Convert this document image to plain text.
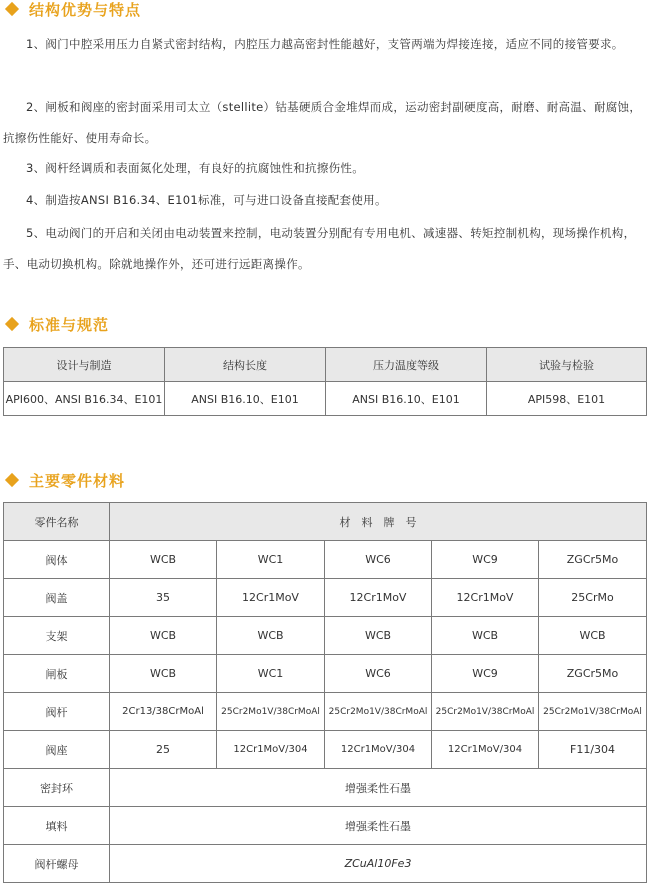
结构优势与特点

1、阀门中腔采用压力自紧式密封结构，内腔压力越高密封性能越好，支管两端为焊接连接，适应不同的接管要求。

2、闸板和阀座的密封面采用司太立（stellite）钴基硬质合金堆焊而成，运动密封副硬度高，耐磨、耐高温、耐腐蚀，抗擦伤性能好、使用寿命长。

3、阀杆经调质和表面氮化处理，有良好的抗腐蚀性和抗擦伤性。

4、制造按ANSI B16.34、E101标准，可与进口设备直接配套使用。

5、电动阀门的开启和关闭由电动装置来控制，电动装置分别配有专用电机、减速器、转矩控制机构，现场操作机构，手、电动切换机构。除就地操作外，还可进行远距离操作。

标准与规范
设计与制造	结构长度	压力温度等级	试验与检验
API600、ANSI B16.34、E101	ANSI B16.10、E101	ANSI B16.10、E101	API598、E101
主要零件材料
零件名称	材　料　牌　号				
阀体	WCB	WC1	WC6	WC9	ZGCr5Mo
阀盖	35	12Cr1MoV	12Cr1MoV	12Cr1MoV	25CrMo
支架	WCB	WCB	WCB	WCB	WCB
闸板	WCB	WC1	WC6	WC9	ZGCr5Mo
阀杆	2Cr13/38CrMoAl	25Cr2Mo1V/38CrMoAl	25Cr2Mo1V/38CrMoAl	25Cr2Mo1V/38CrMoAl	25Cr2Mo1V/38CrMoAl
阀座	25	12Cr1MoV/304	12Cr1MoV/304	12Cr1MoV/304	F11/304
密封环	增强柔性石墨				
填料	增强柔性石墨				
阀杆螺母	ZCuAl10Fe3				
